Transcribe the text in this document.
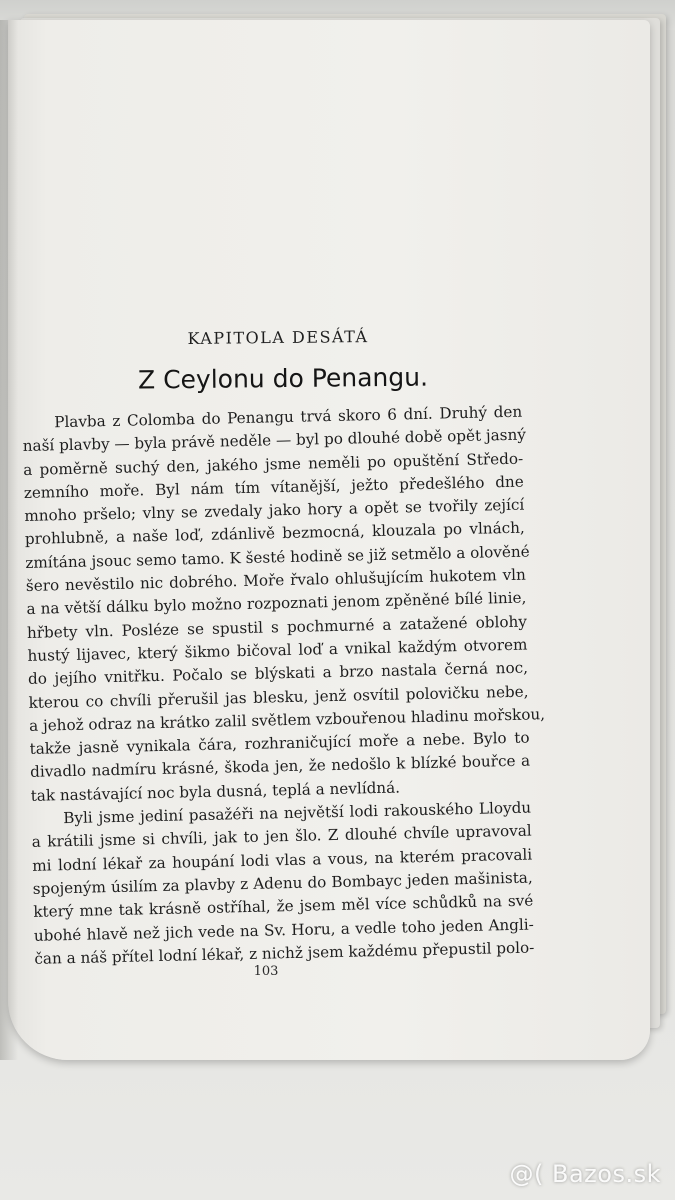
KAPITOLA DESÁTÁ
Z Ceylonu do Penangu.
Plavba z Colomba do Penangu trvá skoro 6 dní. Druhý den
naší plavby — byla právě neděle — byl po dlouhé době opět jasný
a poměrně suchý den, jakého jsme neměli po opuštění Středo-
zemního moře. Byl nám tím vítanější, ježto předešlého dne
mnoho pršelo; vlny se zvedaly jako hory a opět se tvořily zející
prohlubně, a naše loď, zdánlivě bezmocná, klouzala po vlnách,
zmítána jsouc semo tamo. K šesté hodině se již setmělo a olověné
šero nevěstilo nic dobrého. Moře řvalo ohlušujícím hukotem vln
a na větší dálku bylo možno rozpoznati jenom zpěněné bílé linie,
hřbety vln. Posléze se spustil s pochmurné a zatažené oblohy
hustý lijavec, který šikmo bičoval loď a vnikal každým otvorem
do jejího vnitřku. Počalo se blýskati a brzo nastala černá noc,
kterou co chvíli přerušil jas blesku, jenž osvítil polovičku nebe,
a jehož odraz na krátko zalil světlem vzbouřenou hladinu mořskou,
takže jasně vynikala čára, rozhraničující moře a nebe. Bylo to
divadlo nadmíru krásné, škoda jen, že nedošlo k blízké bouřce a
tak nastávající noc byla dusná, teplá a nevlídná.
Byli jsme jediní pasažéři na největší lodi rakouského Lloydu
a krátili jsme si chvíli, jak to jen šlo. Z dlouhé chvíle upravoval
mi lodní lékař za houpání lodi vlas a vous, na kterém pracovali
spojeným úsilím za plavby z Adenu do Bombayc jeden mašinista,
který mne tak krásně ostříhal, že jsem měl více schůdků na své
ubohé hlavě než jich vede na Sv. Horu, a vedle toho jeden Angli-
čan a náš přítel lodní lékař, z nichž jsem každému přepustil polo-
103
@( Bazos.sk
